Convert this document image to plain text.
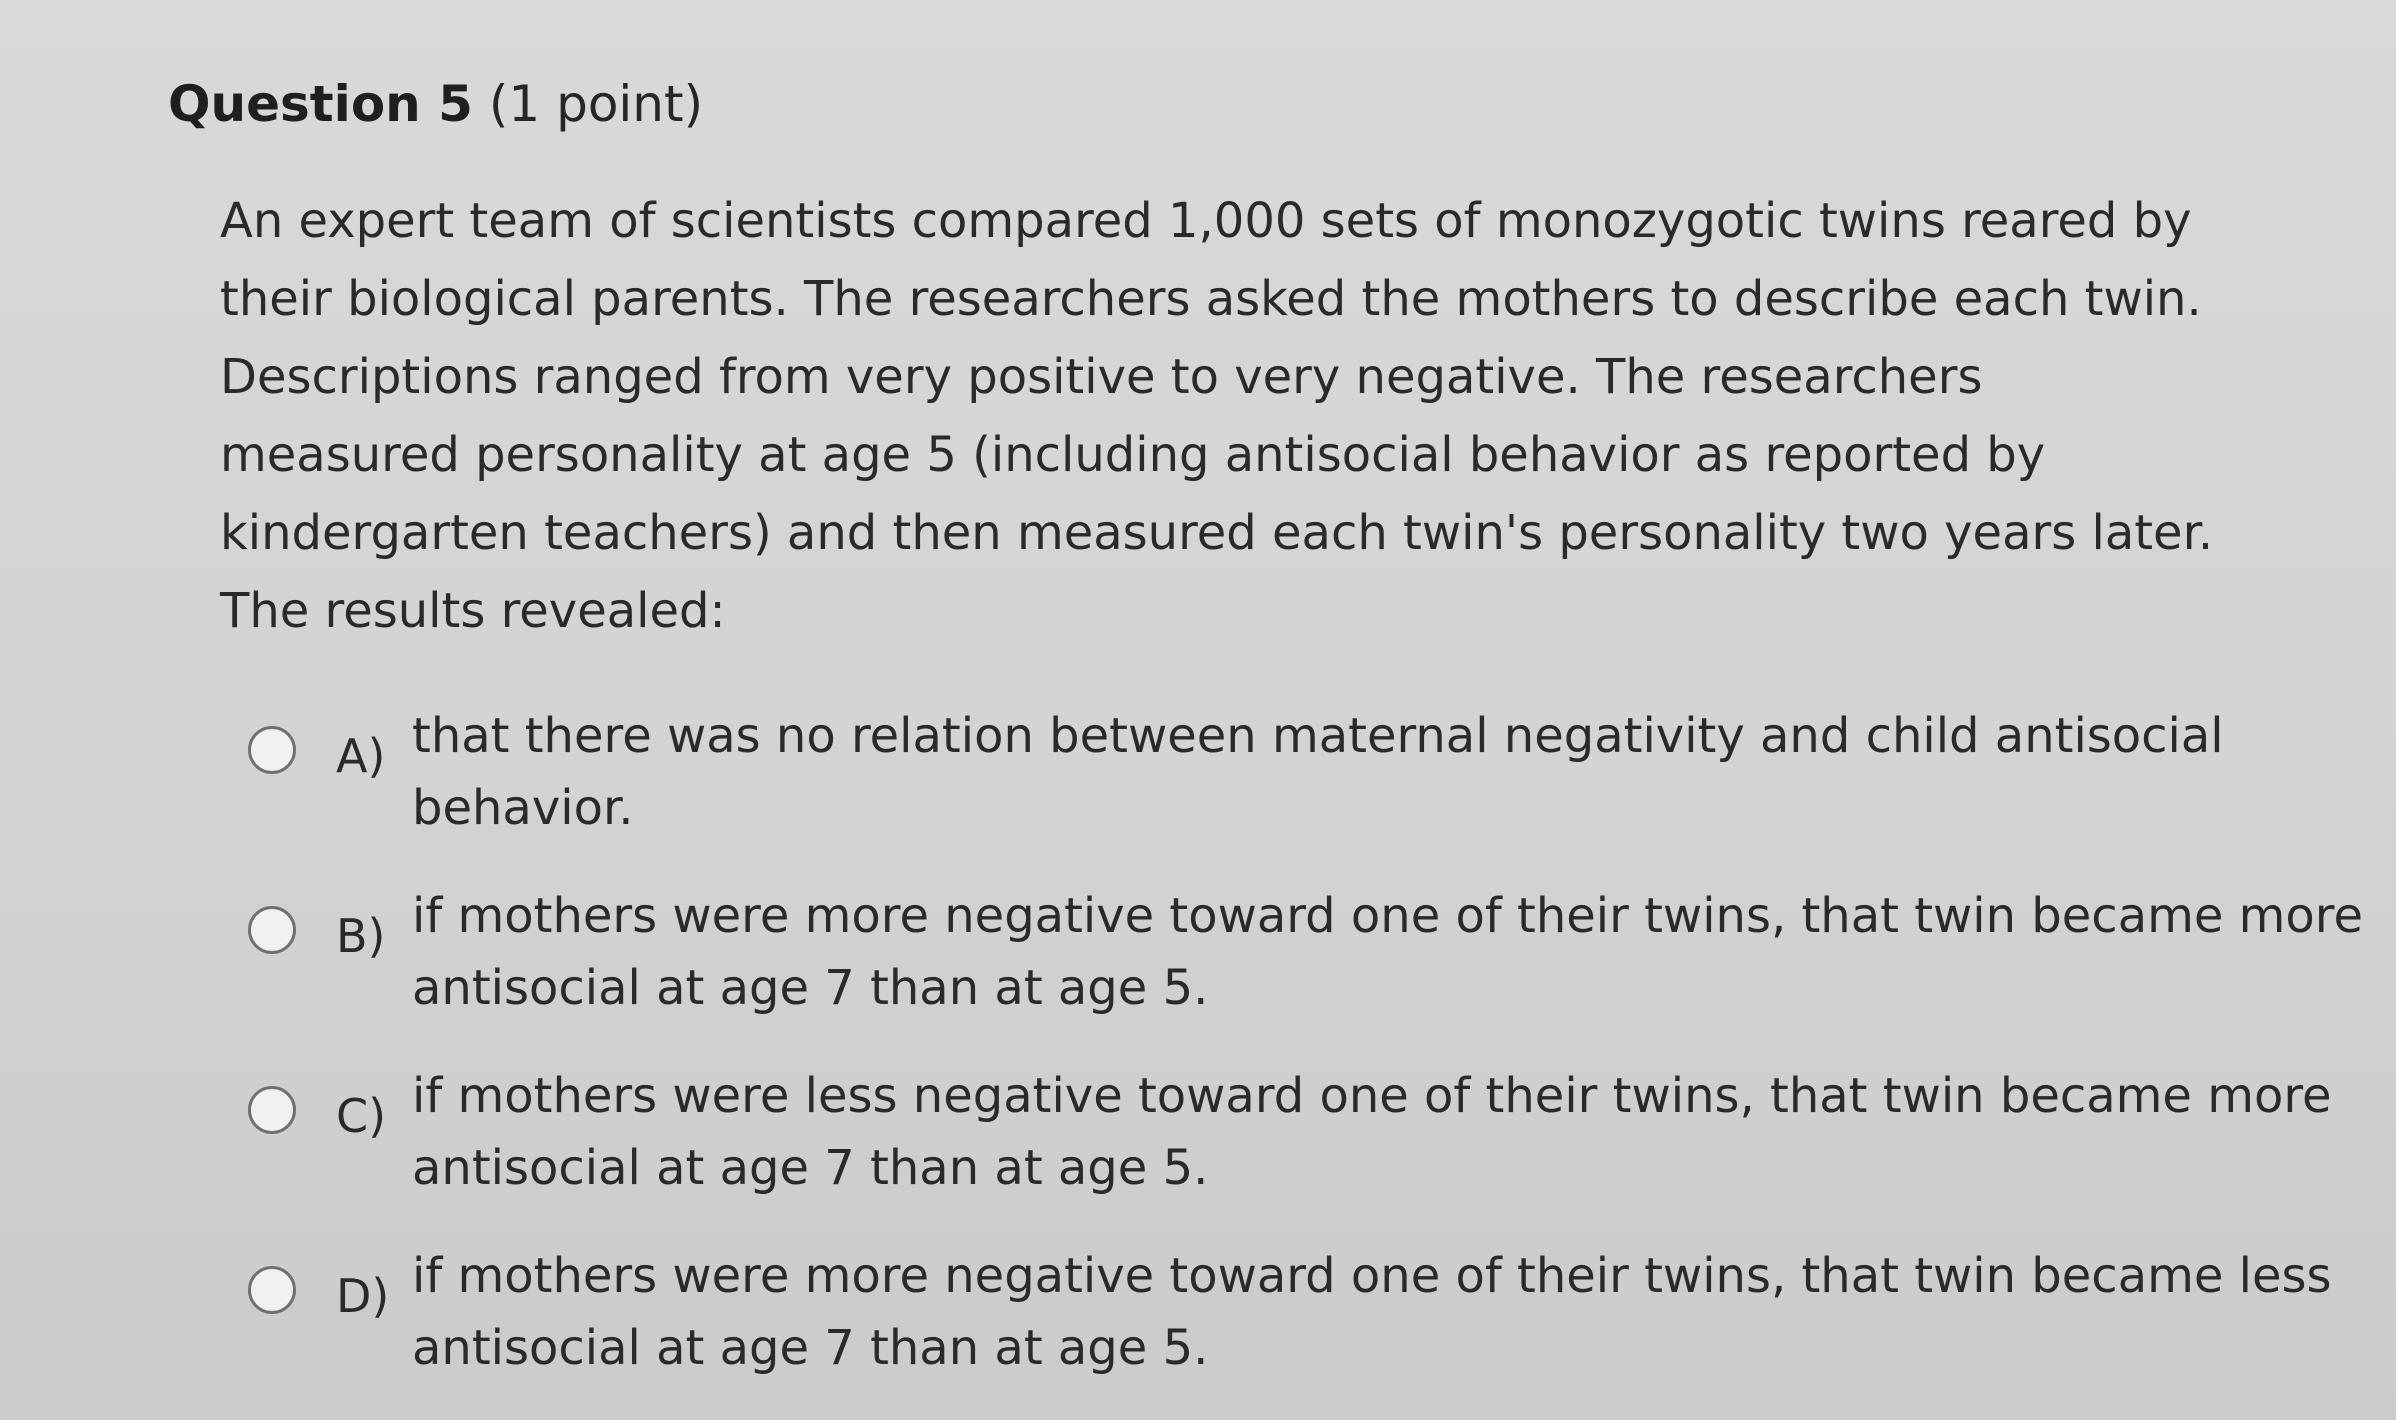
Question 5 (1 point)
An expert team of scientists compared 1,000 sets of monozygotic twins reared by their biological parents. The researchers asked the mothers to describe each twin. Descriptions ranged from very positive to very negative. The researchers measured personality at age 5 (including antisocial behavior as reported by kindergarten teachers) and then measured each twin's personality two years later. The results revealed:
A) that there was no relation between maternal negativity and child antisocial behavior.
B) if mothers were more negative toward one of their twins, that twin became more antisocial at age 7 than at age 5.
C) if mothers were less negative toward one of their twins, that twin became more antisocial at age 7 than at age 5.
D) if mothers were more negative toward one of their twins, that twin became less antisocial at age 7 than at age 5.
